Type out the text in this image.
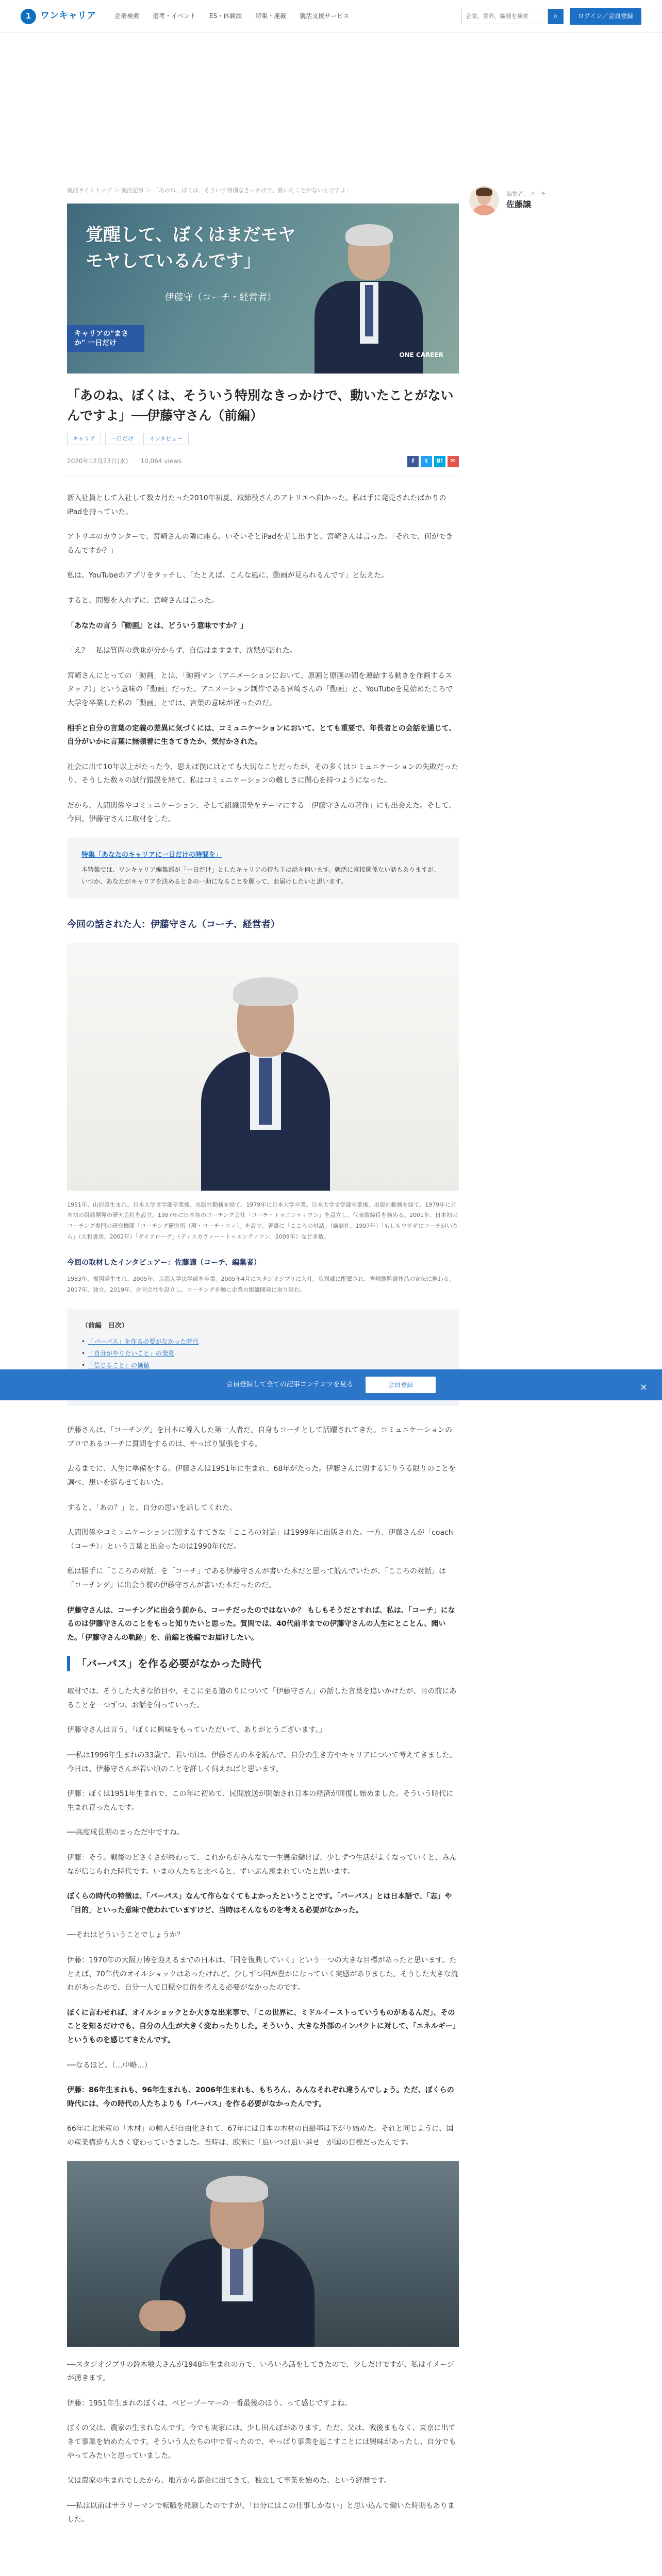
1 ワンキャリア	企業検索 選考・イベント ES・体験談 特集・連載 就活支援サービス
企業、業界、職種を検索	⌕	ログイン／会員登録
就活サイトトップ ＞ 就活記事 ＞ 「あのね、ぼくは、そういう特別なきっかけで、動いたことがないんですよ」
覚醒して、ぼくはまだモヤモヤしているんです」
伊藤守（コーチ・経営者）
キャリアの"まさか" 一日だけ
ONE CAREER
「あのね、ぼくは、そういう特別なきっかけで、動いたことがないんですよ」──伊藤守さん（前編）
キャリア	一日だけ	インタビュー
2020年12月23日(水) 10,064 views	f	t	B!	✉

新入社員として入社して数カ月たった2010年初夏、取締役さんのアトリエへ向かった。私は手に発売されたばかりのiPadを持っていた。

アトリエのカウンターで、宮崎さんの隣に座る。いそいそとiPadを差し出すと、宮崎さんは言った。「それで、何ができるんですか？」

私は、YouTubeのアプリをタッチし、「たとえば、こんな風に、動画が見られるんです」と伝えた。

すると、間髪を入れずに、宮崎さんは言った。

「あなたの言う『動画』とは、どういう意味ですか？」

「え？」私は質問の意味が分からず、自信はますます、沈黙が訪れた。

宮崎さんにとっての「動画」とは、「動画マン（アニメーションにおいて、原画と原画の間を連結する動きを作画するスタッフ）」という意味の「動画」だった。アニメーション制作である宮崎さんの「動画」と、YouTubeを見始めたころで大学を卒業した私の「動画」とでは、言葉の意味が違ったのだ。

相手と自分の言葉の定義の差異に気づくには、コミュニケーションにおいて、とても重要で、年長者との会話を通じて、自分がいかに言葉に無頓着に生きてきたか、気付かされた。

社会に出て10年以上がたった今、思えば僕にはとても大切なことだったが、その多くはコミュニケーションの失敗だったり、そうした数々の試行錯誤を経て、私はコミュニケーションの難しさに関心を持つようになった。

だから、人間関係やコミュニケーション、そして組織開発をテーマにする「伊藤守さんの著作」にも出会えた。そして、今回、伊藤守さんに取材をした。

特集「あなたのキャリアに一日だけの時間を」
本特集では、ワンキャリア編集部が「一日だけ」としたキャリアの持ち主は話を伺います。就活に直接関係ない話もありますが、いつか、あなたがキャリアを決めるときの一助になることを願って、お届けしたいと思います。
今回の話された人：伊藤守さん（コーチ、経営者）

1951年、山形県生まれ。日本大学文学部卒業後、出版社勤務を経て、1979年に日本大学卒業。日本大学文学部卒業後、出版社勤務を経て、1979年に日本初の組織開発の研究会社を設立。1997年に日本初のコーチング会社「コーチ・トゥエンティワン」を設立し、代表取締役を務める。2001年、日本初のコーチング専門の研究機関「コーチング研究所（現・コーチ・エィ）」を設立。著書に「こころの対話」（講談社、1997年）「もしもウサギにコーチがいたら」（大和書房、2002年）「ダイアローグ」（ディスカヴァー・トゥエンティワン、2009年）など多数。

今回の取材したインタビュアー：佐藤譲（コーチ、編集者）

1983年、福岡県生まれ。2005年、京都大学法学部を卒業。2005年4月にスタジオジブリに入社。広報部に配属され、宮崎駿監督作品の宣伝に携わる。2017年、独立。2019年、合同会社を設立し、コーチングを軸に企業の組織開発に取り組む。

（前編　目次）
• 「バーパス」を作る必要がなかった時代
• 「自分がやりたいこと」の発見
• 「信じること」の価値
•
•

伊藤さんは、「コーチング」を日本に導入した第一人者だ。自身もコーチとして活躍されてきた。コミュニケーションのプロであるコーチに質問をするのは、やっぱり緊張をする。

去るまでに、人生に準備をする。伊藤さんは1951年に生まれ、68年がたった。伊藤さんに関する知りうる限りのことを調べ、想いを巡らせておいた。

すると、「あの？」と、自分の思いを話してくれた。

人間関係やコミュニケーションに関するすてきな「こころの対話」は1999年に出版された。一方、伊藤さんが「coach（コーチ）」という言葉と出会ったのは1990年代だ。

私は勝手に「こころの対話」を「コーチ」である伊藤守さんが書いた本だと思って読んでいたが、「こころの対話」は「コーチング」に出会う前の伊藤守さんが書いた本だったのだ。

伊藤守さんは、コーチングに出会う前から、コーチだったのではないか？ もしもそうだとすれば、私は、「コーチ」になるのは伊藤守さんのことをもっと知りたいと思った。質問では、40代前半までの伊藤守さんの人生にとことん、聞いた。「伊藤守さんの軌跡」を、前編と後編でお届けしたい。

「バーパス」を作る必要がなかった時代

取材では、そうした大きな節目や、そこに至る道のりについて「伊藤守さん」の話した言葉を追いかけたが、目の前にあることを一つずつ、お話を伺っていった。

伊藤守さんは言う。「ぼくに興味をもっていただいて、ありがとうございます。」

──私は1996年生まれの33歳で、若い頃は、伊藤さんの本を読んで、自分の生き方やキャリアについて考えてきました。今日は、伊藤守さんが若い頃のことを詳しく伺えればと思います。

伊藤：ぼくは1951年生まれで、この年に初めて、民間放送が開始され日本の経済が回復し始めました。そういう時代に生まれ育ったんです。

──高度成長期のまっただ中ですね。

伊藤：そう。戦後のどさくさが終わって、これからがみんなで一生懸命働けば、少しずつ生活がよくなっていくと、みんなが信じられた時代です。いまの人たちと比べると、ずいぶん恵まれていたと思います。

ぼくらの時代の特徴は、「バーパス」なんて作らなくてもよかったということです。「バーパス」とは日本語で、「志」や「目的」といった意味で使われていますけど、当時はそんなものを考える必要がなかった。

──それはどういうことでしょうか？

伊藤：1970年の大阪万博を迎えるまでの日本は、「国を復興していく」という一つの大きな目標があったと思います。たとえば、70年代のオイルショックはあったけれど、少しずつ国が豊かになっていく実感がありました。そうした大きな流れがあったので、自分一人で目標や目的を考える必要がなかったのです。

ぼくに言わせれば、オイルショックとか大きな出来事で、「この世界に、ミドルイーストっていうものがあるんだ」、そのことを知るだけでも、自分の人生が大きく変わったりした。そういう、大きな外部のインパクトに対して、「エネルギー」というものを感じてきたんです。

──なるほど。（…中略…）

伊藤：86年生まれも、96年生まれも、2006年生まれも、もちろん、みんなそれぞれ違うんでしょう。ただ、ぼくらの時代には、今の時代の人たちよりも「バーパス」を作る必要がなかったんです。

66年に北米産の「木材」の輸入が自由化されて、67年には日本の木材の自給率は下がり始めた。それと同じように、国の産業構造も大きく変わっていきました。当時は、欧米に「追いつけ追い越せ」が国の目標だったんです。

──スタジオジブリの鈴木敏夫さんが1948年生まれの方で、いろいろ話をしてきたので、少しだけですが、私はイメージが湧きます。

伊藤：1951年生まれのぼくは、ベビーブーマーの一番最後のほう、って感じですよね。

ぼくの父は、農家の生まれなんです。今でも実家には、少し田んぼがあります。ただ、父は、戦後まもなく、東京に出てきて事業を始めたんです。そういう人たちの中で育ったので、やっぱり事業を起こすことには興味があったし、自分でもやってみたいと思っていました。

父は農家の生まれでしたから、地方から都会に出てきて、独立して事業を始めた、という経歴です。

──私は以前はサラリーマンで転職を経験したのですが、「自分にはこの仕事しかない」と思い込んで働いた時期もありました。

編集者、コーチ
佐藤譲
会員登録して全ての記事コンテンツを見る	会員登録	×
